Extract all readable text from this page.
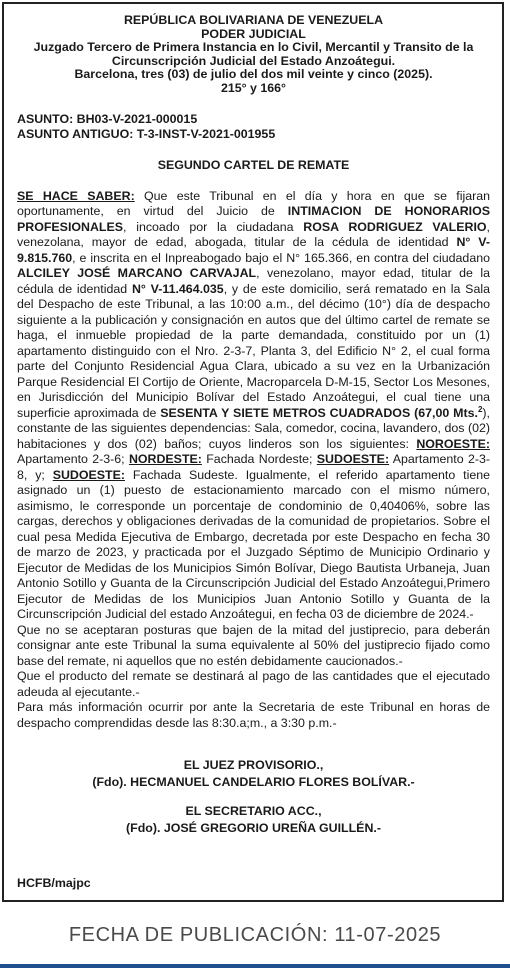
REPÚBLICA BOLIVARIANA DE VENEZUELA
PODER JUDICIAL
Juzgado Tercero de Primera Instancia en lo Civil, Mercantil y Transito de la
Circunscripción Judicial del Estado Anzoátegui.
Barcelona, tres (03) de julio del dos mil veinte y cinco (2025).
215° y 166°
ASUNTO: BH03-V-2021-000015
ASUNTO ANTIGUO: T-3-INST-V-2021-001955
SEGUNDO CARTEL DE REMATE

SE HACE SABER: Que este Tribunal en el día y hora en que se fijaran oportunamente, en virtud del Juicio de INTIMACION DE HONORARIOS PROFESIONALES, incoado por la ciudadana ROSA RODRIGUEZ VALERIO, venezolana, mayor de edad, abogada, titular de la cédula de identidad N° V-9.815.760, e inscrita en el Inpreabogado bajo el N° 165.366, en contra del ciudadano ALCILEY JOSÉ MARCANO CARVAJAL, venezolano, mayor edad, titular de la cédula de identidad N° V-11.464.035, y de este domicilio, será rematado en la Sala del Despacho de este Tribunal, a las 10:00 a.m., del décimo (10°) día de despacho siguiente a la publicación y consignación en autos que del último cartel de remate se haga, el inmueble propiedad de la parte demandada, constituido por un (1) apartamento distinguido con el Nro. 2-3-7, Planta 3, del Edificio N° 2, el cual forma parte del Conjunto Residencial Agua Clara, ubicado a su vez en la Urbanización Parque Residencial El Cortijo de Oriente, Macroparcela D-M-15, Sector Los Mesones, en Jurisdicción del Municipio Bolívar del Estado Anzoátegui, el cual tiene una superficie aproximada de SESENTA Y SIETE METROS CUADRADOS (67,00 Mts.$^2$), constante de las siguientes dependencias: Sala, comedor, cocina, lavandero, dos (02) habitaciones y dos (02) baños; cuyos linderos son los siguientes: NOROESTE: Apartamento 2-3-6; NORDESTE: Fachada Nordeste; SUDOESTE: Apartamento 2-3-8, y; SUDOESTE: Fachada Sudeste. Igualmente, el referido apartamento tiene asignado un (1) puesto de estacionamiento marcado con el mismo número, asimismo, le corresponde un porcentaje de condominio de 0,40406%, sobre las cargas, derechos y obligaciones derivadas de la comunidad de propietarios. Sobre el cual pesa Medida Ejecutiva de Embargo, decretada por este Despacho en fecha 30 de marzo de 2023, y practicada por el Juzgado Séptimo de Municipio Ordinario y Ejecutor de Medidas de los Municipios Simón Bolívar, Diego Bautista Urbaneja, Juan Antonio Sotillo y Guanta de la Circunscripción Judicial del Estado Anzoátegui,Primero Ejecutor de Medidas de los Municipios Juan Antonio Sotillo y Guanta de la Circunscripción Judicial del estado Anzoátegui, en fecha 03 de diciembre de 2024.-

Que no se aceptaran posturas que bajen de la mitad del justiprecio, para deberán consignar ante este Tribunal la suma equivalente al 50% del justiprecio fijado como base del remate, ni aquellos que no estén debidamente caucionados.-

Que el producto del remate se destinará al pago de las cantidades que el ejecutado adeuda al ejecutante.-

Para más información ocurrir por ante la Secretaria de este Tribunal en horas de despacho comprendidas desde las 8:30.a;m., a 3:30 p.m.-

EL JUEZ PROVISORIO.,
(Fdo). HECMANUEL CANDELARIO FLORES BOLÍVAR.-
EL SECRETARIO ACC.,
(Fdo). JOSÉ GREGORIO UREÑA GUILLÉN.-
HCFB/majpc
FECHA DE PUBLICACIÓN: 11-07-2025
